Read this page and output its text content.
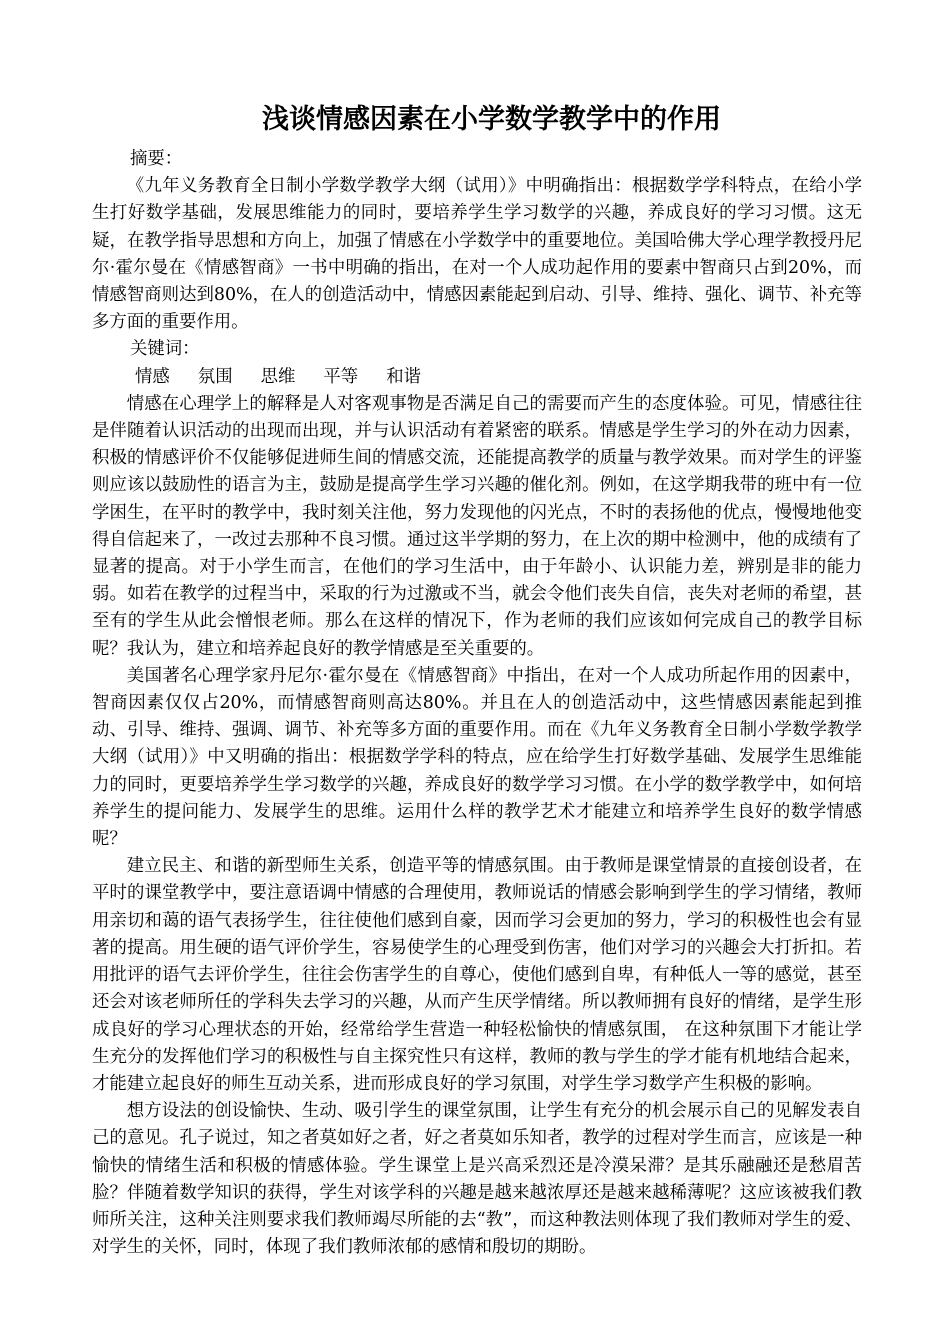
浅谈情感因素在小学数学教学中的作用

摘要：

《九年义务教育全日制小学数学教学大纲（试用）》中明确指出：根据数学学科特点，在给小学生打好数学基础，发展思维能力的同时，要培养学生学习数学的兴趣，养成良好的学习习惯。这无疑，在教学指导思想和方向上，加强了情感在小学数学中的重要地位。美国哈佛大学心理学教授丹尼尔·霍尔曼在《情感智商》一书中明确的指出，在对一个人成功起作用的要素中智商只占到20%，而情感智商则达到80%，在人的创造活动中，情感因素能起到启动、引导、维持、强化、调节、补充等多方面的重要作用。

关键词：

情感 氛围 思维 平等 和谐

情感在心理学上的解释是人对客观事物是否满足自己的需要而产生的态度体验。可见，情感往往是伴随着认识活动的出现而出现，并与认识活动有着紧密的联系。情感是学生学习的外在动力因素，积极的情感评价不仅能够促进师生间的情感交流，还能提高教学的质量与教学效果。而对学生的评鉴则应该以鼓励性的语言为主，鼓励是提高学生学习兴趣的催化剂。例如，在这学期我带的班中有一位学困生，在平时的教学中，我时刻关注他，努力发现他的闪光点，不时的表扬他的优点，慢慢地他变得自信起来了，一改过去那种不良习惯。通过这半学期的努力，在上次的期中检测中，他的成绩有了显著的提高。对于小学生而言，在他们的学习生活中，由于年龄小、认识能力差，辨别是非的能力弱。如若在教学的过程当中，采取的行为过激或不当，就会令他们丧失自信，丧失对老师的希望，甚至有的学生从此会憎恨老师。那么在这样的情况下，作为老师的我们应该如何完成自己的教学目标呢？我认为，建立和培养起良好的教学情感是至关重要的。

美国著名心理学家丹尼尔·霍尔曼在《情感智商》中指出，在对一个人成功所起作用的因素中，智商因素仅仅占20%，而情感智商则高达80%。并且在人的创造活动中，这些情感因素能起到推动、引导、维持、强调、调节、补充等多方面的重要作用。而在《九年义务教育全日制小学数学教学大纲（试用）》中又明确的指出：根据数学学科的特点，应在给学生打好数学基础、发展学生思维能力的同时，更要培养学生学习数学的兴趣，养成良好的数学学习习惯。在小学的数学教学中，如何培养学生的提问能力、发展学生的思维。运用什么样的教学艺术才能建立和培养学生良好的数学情感呢？

建立民主、和谐的新型师生关系，创造平等的情感氛围。由于教师是课堂情景的直接创设者，在平时的课堂教学中，要注意语调中情感的合理使用，教师说话的情感会影响到学生的学习情绪，教师用亲切和蔼的语气表扬学生，往往使他们感到自豪，因而学习会更加的努力，学习的积极性也会有显著的提高。用生硬的语气评价学生，容易使学生的心理受到伤害，他们对学习的兴趣会大打折扣。若用批评的语气去评价学生，往往会伤害学生的自尊心，使他们感到自卑，有种低人一等的感觉，甚至还会对该老师所任的学科失去学习的兴趣，从而产生厌学情绪。所以教师拥有良好的情绪，是学生形成良好的学习心理状态的开始，经常给学生营造一种轻松愉快的情感氛围， 在这种氛围下才能让学生充分的发挥他们学习的积极性与自主探究性只有这样，教师的教与学生的学才能有机地结合起来，才能建立起良好的师生互动关系，进而形成良好的学习氛围，对学生学习数学产生积极的影响。

想方设法的创设愉快、生动、吸引学生的课堂氛围，让学生有充分的机会展示自己的见解发表自己的意见。孔子说过，知之者莫如好之者，好之者莫如乐知者，教学的过程对学生而言，应该是一种愉快的情绪生活和积极的情感体验。学生课堂上是兴高采烈还是冷漠呆滞？是其乐融融还是愁眉苦脸？伴随着数学知识的获得，学生对该学科的兴趣是越来越浓厚还是越来越稀薄呢？这应该被我们教师所关注，这种关注则要求我们教师竭尽所能的去“教”，而这种教法则体现了我们教师对学生的爱、对学生的关怀，同时，体现了我们教师浓郁的感情和殷切的期盼。
